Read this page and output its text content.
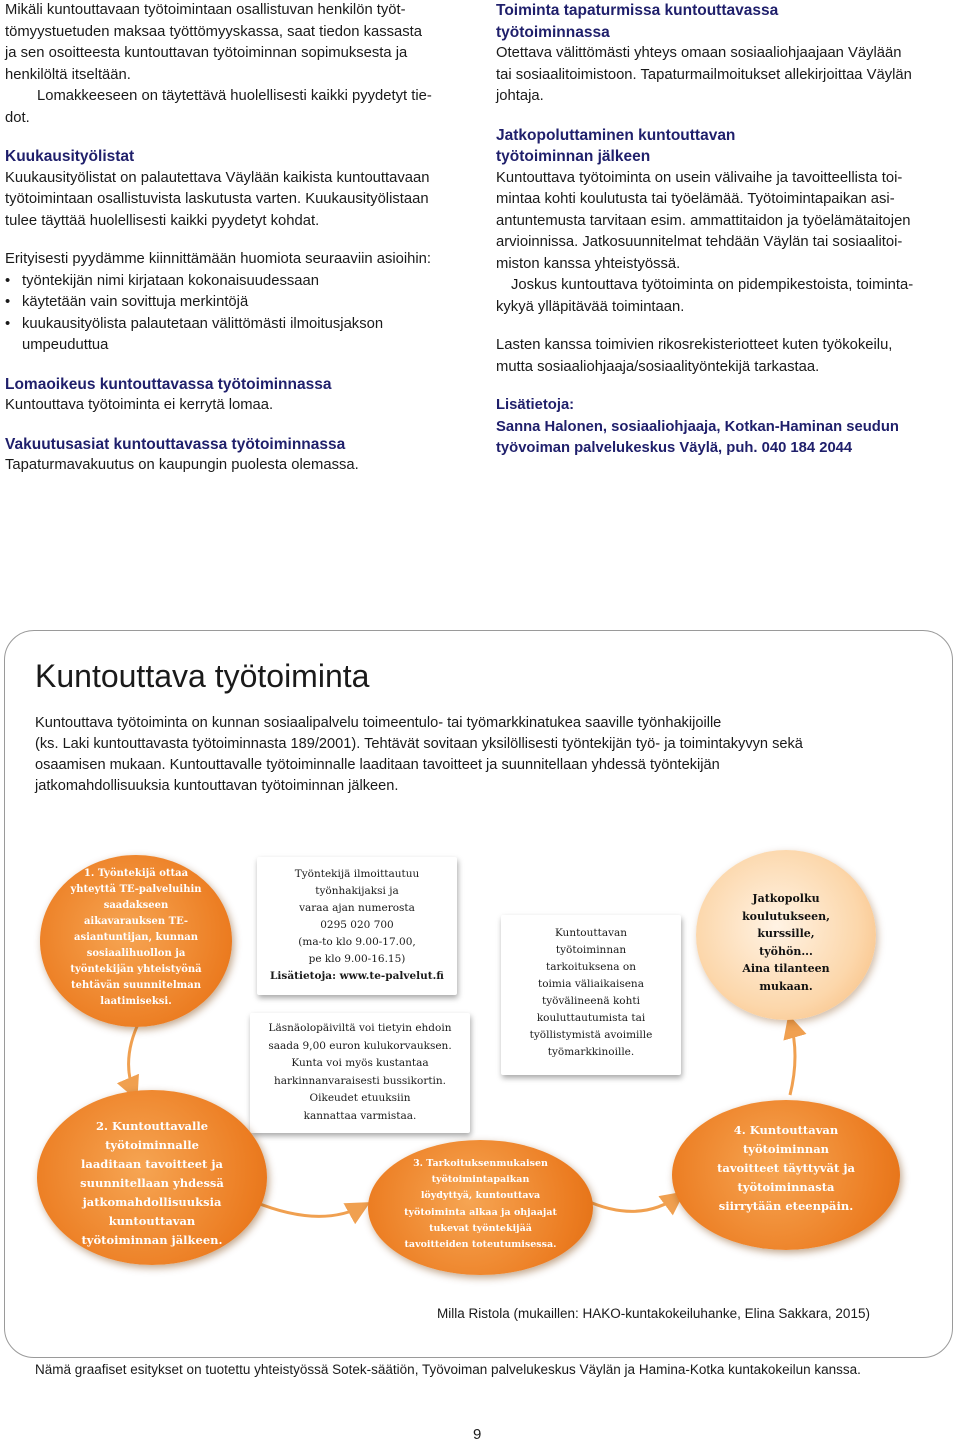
Mikäli kuntouttavaan työtoimintaan osallistuvan henkilön työt-
tömyystuetuden maksaa työttömyyskassa, saat tiedon kassasta
ja sen osoitteesta kuntouttavan työtoiminnan sopimuksesta ja
henkilöltä itseltään.

Lomakkeeseen on täytettävä huolellisesti kaikki pyydetyt tie-

dot.

Kuukausityölistat

Kuukausityölistat on palautettava Väylään kaikista kuntouttavaan
työtoimintaan osallistuvista laskutusta varten. Kuukausityölistaan
tulee täyttää huolellisesti kaikki pyydetyt kohdat.

Erityisesti pyydämme kiinnittämään huomiota seuraaviin asioihin:

• työntekijän nimi kirjataan kokonaisuudessaan
• käytetään vain sovittuja merkintöjä
• kuukausityölista palautetaan välittömästi ilmoitusjakson

umpeuduttua

Lomaoikeus kuntouttavassa työtoiminnassa

Kuntouttava työtoiminta ei kerrytä lomaa.

Vakuutusasiat kuntouttavassa työtoiminnassa

Tapaturmavakuutus on kaupungin puolesta olemassa.

Toiminta tapaturmissa kuntouttavassa
työtoiminnassa

Otettava välittömästi yhteys omaan sosiaaliohjaajaan Väylään
tai sosiaalitoimistoon. Tapaturmailmoitukset allekirjoittaa Väylän
johtaja.

Jatkopoluttaminen kuntouttavan
työtoiminnan jälkeen

Kuntouttava työtoiminta on usein välivaihe ja tavoitteellista toi-
mintaa kohti koulutusta tai työelämää. Työtoimintapaikan asi-
antuntemusta tarvitaan esim. ammattitaidon ja työelämätaitojen
arvioinnissa. Jatkosuunnitelmat tehdään Väylän tai sosiaalitoi-
miston kanssa yhteistyössä.

Joskus kuntouttava työtoiminta on pidempikestoista, toiminta-
kykyä ylläpitävää toimintaan.

Lasten kanssa toimivien rikosrekisteriotteet kuten työkokeilu,
mutta sosiaaliohjaaja/sosiaalityöntekijä tarkastaa.

Lisätietoja:

Sanna Halonen, sosiaaliohjaaja, Kotkan-Haminan seudun
työvoiman palvelukeskus Väylä, puh. 040 184 2044

Kuntouttava työtoiminta
Kuntouttava työtoiminta on kunnan sosiaalipalvelu toimeentulo- tai työmarkkinatukea saaville työnhakijoille
(ks. Laki kuntouttavasta työtoiminnasta 189/2001). Tehtävät sovitaan yksilöllisesti työntekijän työ- ja toimintakyvyn sekä
osaamisen mukaan. Kuntouttavalle työtoiminnalle laaditaan tavoitteet ja suunnitellaan yhdessä työntekijän
jatkomahdollisuuksia kuntouttavan työtoiminnan jälkeen.
1. Työntekijä ottaa
yhteyttä TE-palveluihin
saadakseen
aikavarauksen TE-
asiantuntijan, kunnan
sosiaalihuollon ja
työntekijän yhteistyönä
tehtävän suunnitelman
laatimiseksi.
Työntekijä ilmoittautuu
työnhakijaksi ja
varaa ajan numerosta
0295 020 700
(ma-to klo 9.00-17.00,
pe klo 9.00-16.15)
Lisätietoja: www.te-palvelut.fi
Kuntouttavan
työtoiminnan
tarkoituksena on
toimia väliaikaisena
työvälineenä kohti
kouluttautumista tai
työllistymistä avoimille
työmarkkinoille.
Jatkopolku
koulutukseen,
kurssille,
työhön...
Aina tilanteen
mukaan.
Läsnäolopäiviltä voi tietyin ehdoin
saada 9,00 euron kulukorvauksen.
Kunta voi myös kustantaa
harkinnanvaraisesti bussikortin.
Oikeudet etuuksiin
kannattaa varmistaa.
2. Kuntouttavalle
työtoiminnalle
laaditaan tavoitteet ja
suunnitellaan yhdessä
jatkomahdollisuuksia
kuntouttavan
työtoiminnan jälkeen.
3. Tarkoituksenmukaisen
työtoimintapaikan
löydyttyä, kuntouttava
työtoiminta alkaa ja ohjaajat
tukevat työntekijää
tavoitteiden toteutumisessa.
4. Kuntouttavan
työtoiminnan
tavoitteet täyttyvät ja
työtoiminnasta
siirrytään eteenpäin.
Milla Ristola (mukaillen: HAKO-kuntakokeiluhanke, Elina Sakkara, 2015)
Nämä graafiset esitykset on tuotettu yhteistyössä Sotek-säätiön, Työvoiman palvelukeskus Väylän ja Hamina-Kotka kuntakokeilun kanssa.
9
